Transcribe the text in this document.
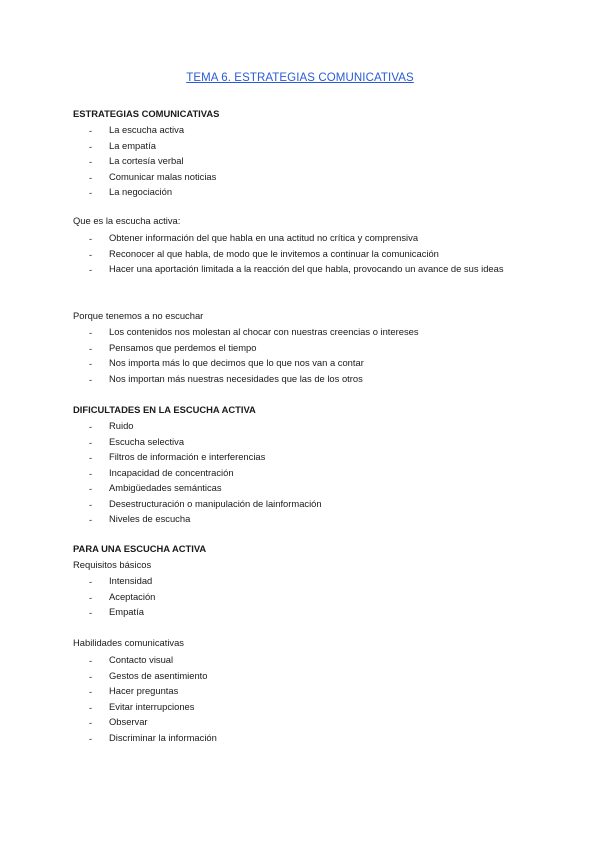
TEMA 6. ESTRATEGIAS COMUNICATIVAS
ESTRATEGIAS COMUNICATIVAS
- La escucha activa
- La empatía
- La cortesía verbal
- Comunicar malas noticias
- La negociación
Que es la escucha activa:
- Obtener información del que habla en una actitud no crítica y comprensiva
- Reconocer al que habla, de modo que le invitemos a continuar la comunicación
- Hacer una aportación limitada a la reacción del que habla, provocando un avance de sus ideas
Porque tenemos a no escuchar
- Los contenidos nos molestan al chocar con nuestras creencias o intereses
- Pensamos que perdemos el tiempo
- Nos importa más lo que decimos que lo que nos van a contar
- Nos importan más nuestras necesidades que las de los otros
DIFICULTADES EN LA ESCUCHA ACTIVA
- Ruido
- Escucha selectiva
- Filtros de información e interferencias
- Incapacidad de concentración
- Ambigüedades semánticas
- Desestructuración o manipulación de lainformación
- Niveles de escucha
PARA UNA ESCUCHA ACTIVA
Requisitos básicos
- Intensidad
- Aceptación
- Empatía
Habilidades comunicativas
- Contacto visual
- Gestos de asentimiento
- Hacer preguntas
- Evitar interrupciones
- Observar
- Discriminar la información
